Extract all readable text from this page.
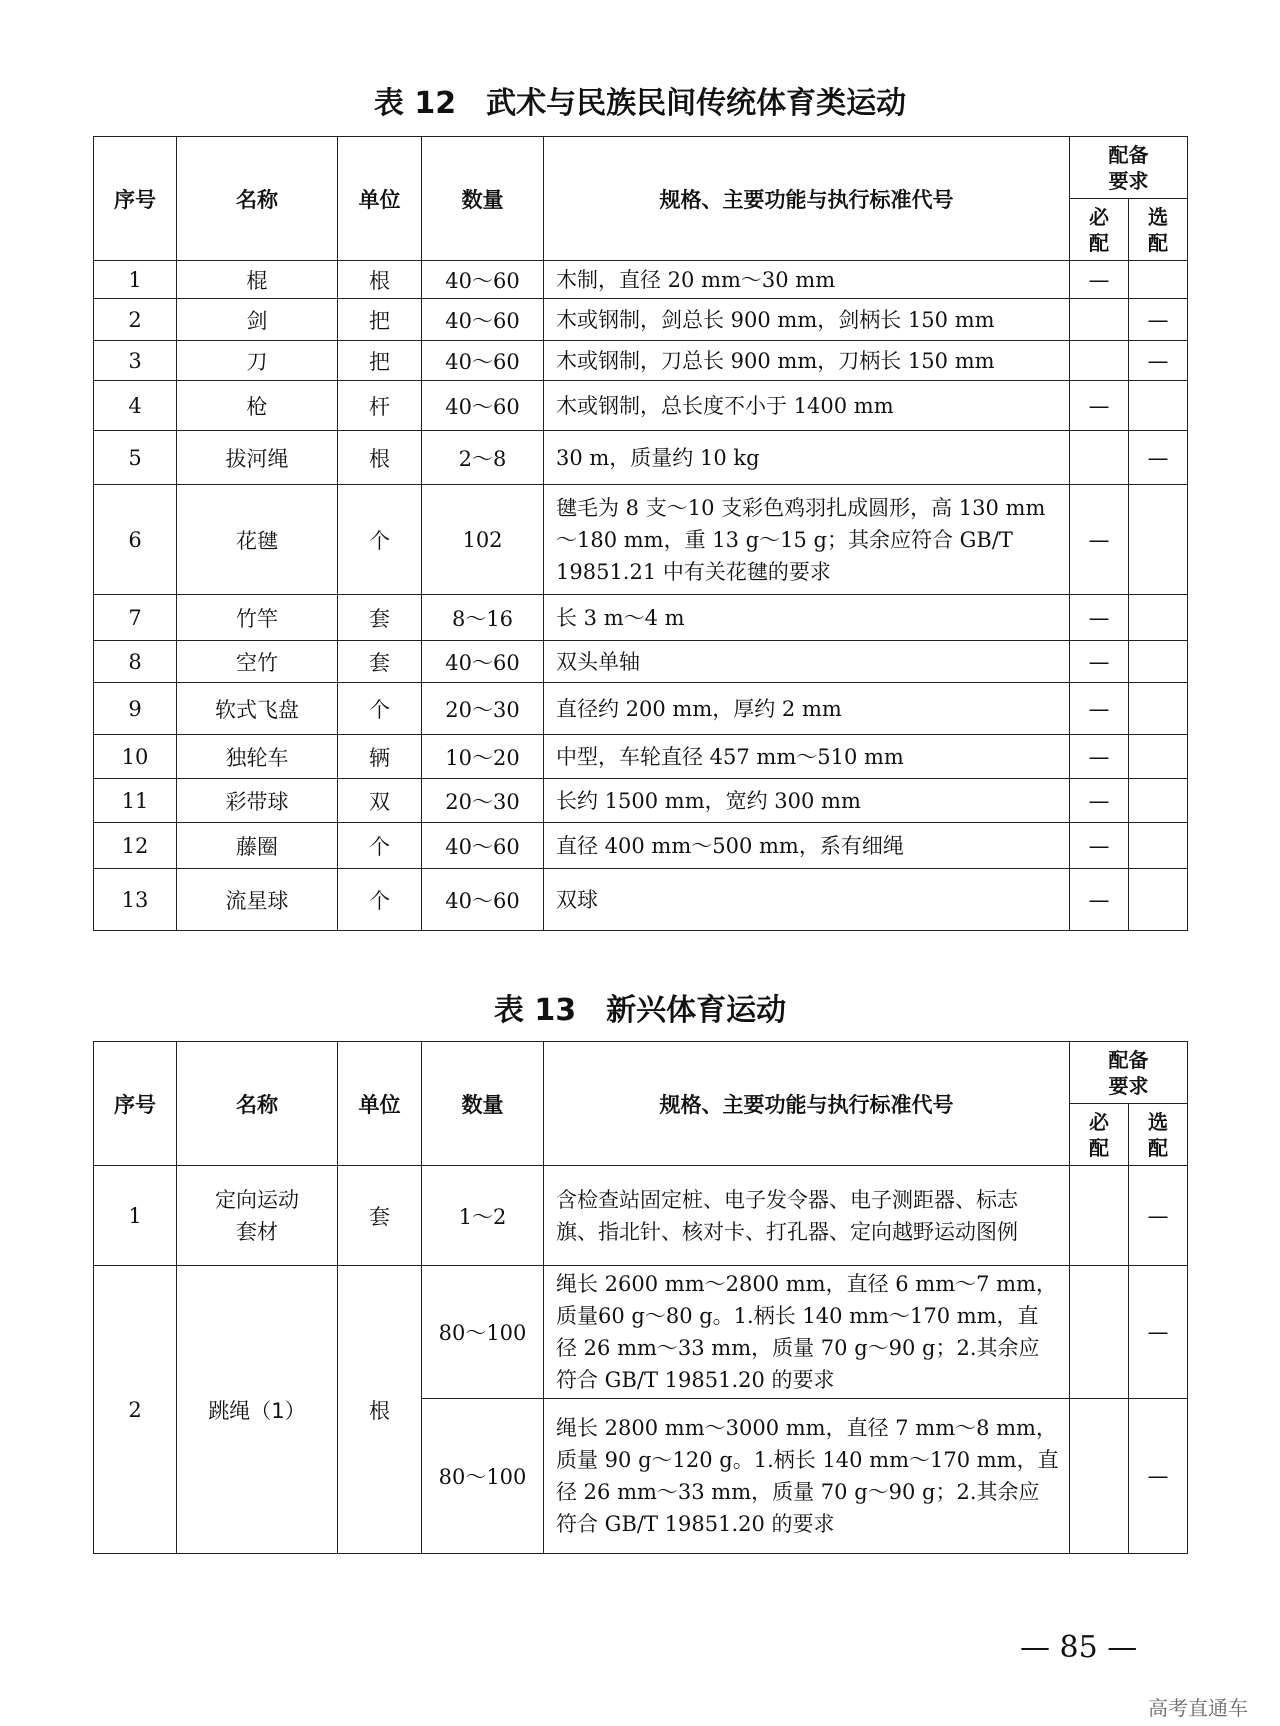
表 12　武术与民族民间传统体育类运动
序号	名称	单位	数量	规格、主要功能与执行标准代号	配备要求	

					必配	选配

1	棍	根	40～60	木制，直径 20 mm～30 mm	—	
2	剑	把	40～60	木或钢制，剑总长 900 mm，剑柄长 150 mm		—
3	刀	把	40～60	木或钢制，刀总长 900 mm，刀柄长 150 mm		—
4	枪	杆	40～60	木或钢制，总长度不小于 1400 mm	—	
5	拔河绳	根	2～8	30 m，质量约 10 kg		—
6	花毽	个	102	毽毛为 8 支～10 支彩色鸡羽扎成圆形，高 130 mm～180 mm，重 13 g～15 g；其余应符合 GB/T 19851.21 中有关花毽的要求	—	
7	竹竿	套	8～16	长 3 m～4 m	—	
8	空竹	套	40～60	双头单轴	—	
9	软式飞盘	个	20～30	直径约 200 mm，厚约 2 mm	—	
10	独轮车	辆	10～20	中型，车轮直径 457 mm～510 mm	—	
11	彩带球	双	20～30	长约 1500 mm，宽约 300 mm	—	
12	藤圈	个	40～60	直径 400 mm～500 mm，系有细绳	—	
13	流星球	个	40～60	双球	—	
表 13　新兴体育运动
序号	名称	单位	数量	规格、主要功能与执行标准代号	配备要求	

					必配	选配

1	定向运动套材	套	1～2	含检查站固定桩、电子发令器、电子测距器、标志旗、指北针、核对卡、打孔器、定向越野运动图例		—
2	跳绳（1）	根	80～100	绳长 2600 mm～2800 mm，直径 6 mm～7 mm，质量60 g～80 g。1.柄长 140 mm～170 mm，直径 26 mm～33 mm，质量 70 g～90 g；2.其余应符合 GB/T 19851.20 的要求		—
			80～100	绳长 2800 mm～3000 mm，直径 7 mm～8 mm，质量 90 g～120 g。1.柄长 140 mm～170 mm，直径 26 mm～33 mm，质量 70 g～90 g；2.其余应符合 GB/T 19851.20 的要求		—
— 85 —
高考直通车
